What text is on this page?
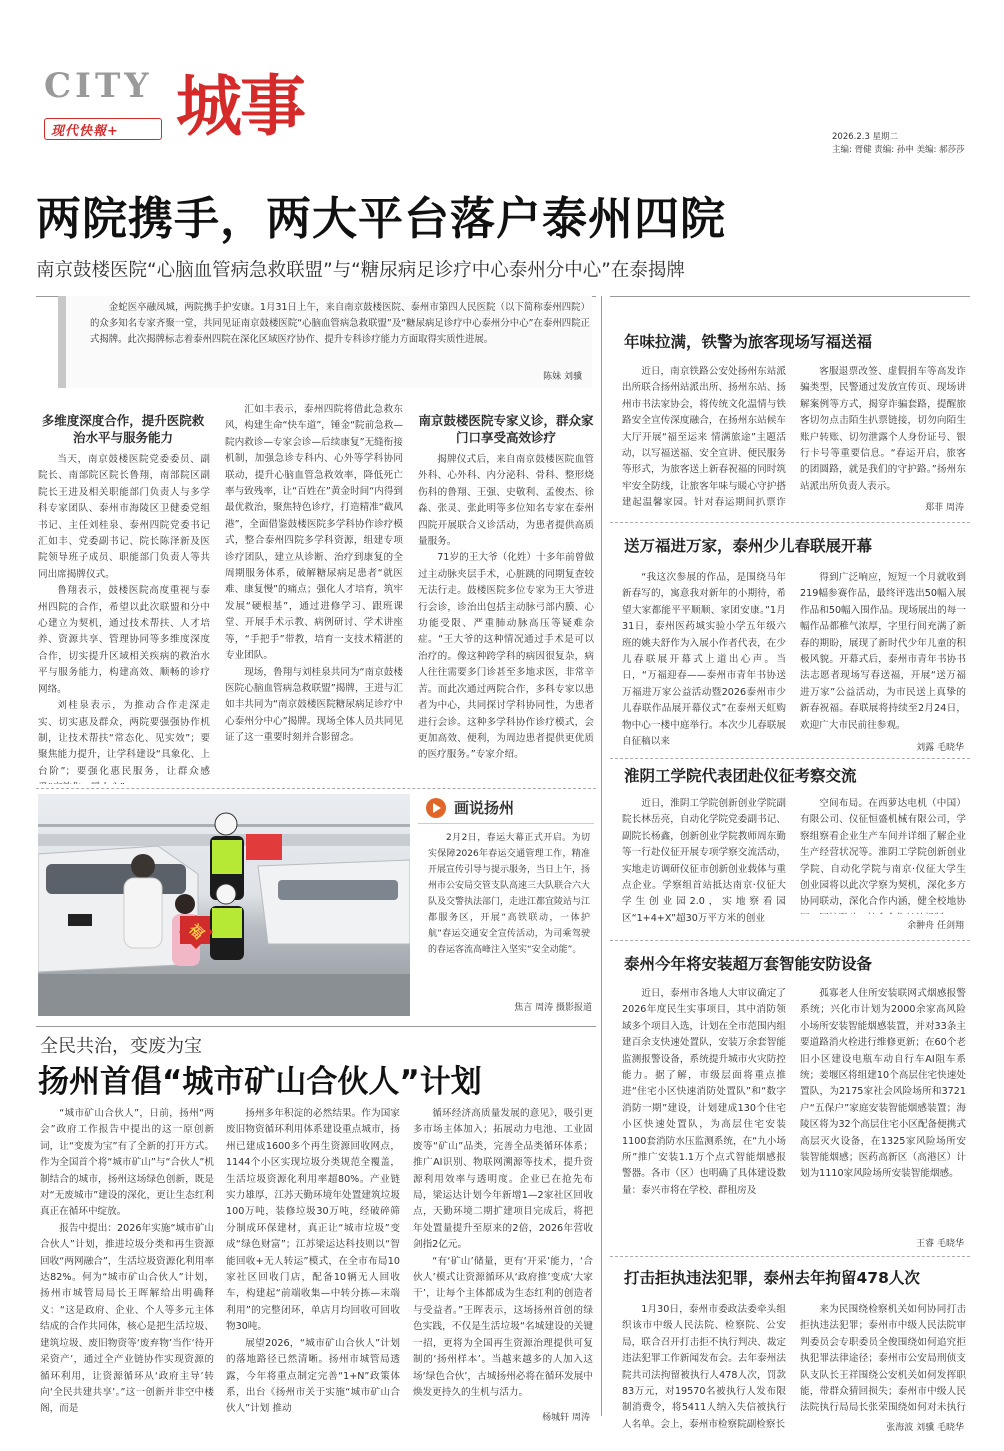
CITY
现代快報+ 城事	2026.2.3 星期二
主编: 胥健 责编: 孙申 美编: 郝莎莎
两院携手，两大平台落户泰州四院
南京鼓楼医院“心脑血管病急救联盟”与“糖尿病足诊疗中心泰州分中心”在泰揭牌
金蛇医卒融凤城，两院携手护安康。1月31日上午，来自南京鼓楼医院、泰州市第四人民医院（以下简称泰州四院）的众多知名专家齐聚一堂，共同见证南京鼓楼医院“心脑血管病急救联盟”及“糖尿病足诊疗中心泰州分中心”在泰州四院正式揭牌。此次揭牌标志着泰州四院在深化区域医疗协作、提升专科诊疗能力方面取得实质性进展。
陈妹 刘骥
多维度深度合作，提升医院救治水平与服务能力

当天，南京鼓楼医院党委委员、副院长、南部院区院长鲁翔，南部院区副院长王进及相关职能部门负责人与多学科专家团队、泰州市海陵区卫健委党组书记、主任刘桂泉、泰州四院党委书记汇如丰、党委副书记、院长陈泽新及医院领导班子成员、职能部门负责人等共同出席揭牌仪式。

鲁翔表示，鼓楼医院高度重视与泰州四院的合作，希望以此次联盟和分中心建立为契机，通过技术帮扶、人才培养、资源共享、管理协同等多维度深度合作，切实提升区域相关疾病的救治水平与服务能力，构建高效、顺畅的诊疗网络。

刘桂泉表示，为推动合作走深走实、切实惠及群众，两院要强强协作机制，让技术帮扶“常态化、见实效”；要聚焦能力提升，让学科建设“具象化、上台阶”；要强化惠民服务，让群众感

汇如丰表示，泰州四院将借此急救东风，构建生命“快车道”，锤金“院前急救—院内救诊—专家会诊—后续康复”无缝衔接机制，加强急诊专科内、心外等学科协同联动，提升心脑血管急救效率，降低死亡率与致残率，让“百姓在”黄金时间“内得到最优救治，聚焦特色诊疗，打造精准“截风港”，全面借鉴鼓楼医院多学科协作诊疗模式，整合泰州四院多学科资源，组建专项诊疗团队，建立从诊断、治疗到康复的全周期服务体系，破解糖尿病足患者“就医难、康复慢”的痛点；强化人才培育，筑牢发展“硬根基”，通过进修学习、跟班课堂、开展手术示教、病例研讨、学术讲座等，“手把手”带教，培育一支技术精湛的专业团队。

现场，鲁翔与刘桂泉共同为“南京鼓楼医院心脑血管病急救联盟”揭牌，王进与汇如丰共同为“南京鼓楼医院糖尿病足诊疗中心泰州分中心”揭牌。现场全体人员共同见证了这一重要时刻并合影留念。

南京鼓楼医院专家义诊，群众家门口享受高效诊疗

揭牌仪式后，来自南京鼓楼医院血管外科、心外科、内分泌科、骨科、整形烧伤科的鲁翔、王强、史敬利、孟俊杰、徐淼、张灵、张此明等多位知名专家在泰州四院开展联合义诊活动，为患者提供高质量服务。

71岁的王大爷（化姓）十多年前曾做过主动脉夹层手术，心脏跳的同期复查较无法行走。鼓楼医院多位专家为王大爷进行会诊，诊治出包括主动脉弓部内膜、心功能受限、严重肺动脉高压等疑难杂症。“王大爷的这种情况通过手术是可以治疗的。像这种跨学科的病因很复杂，病人往往需要多门诊甚至多地求医，非常辛苦。而此次通过两院合作，多科专家以患者为中心，共同探讨学科协同性，为患者进行会诊。这种多学科协作诊疗模式，会更加高效、便利，为周边患者提供更优质的医疗服务。”专家介绍。

福
画说扬州
2月2日，春运大幕正式开启。为切实保障2026年春运交通管理工作，精准开展宣传引导与提示服务，当日上午，扬州市公安局交管支队高速三大队联合六大队及交警执法部门，走进江都宜陵站与江都服务区，开展“高铁联动，一体护航”春运交通安全宣传活动，为司乘驾驶的春运客流高峰注入坚实“安全动能”。
焦言 周涛 摄影报道
全民共治，变废为宝
扬州首倡“城市矿山合伙人”计划

“城市矿山合伙人”，日前，扬州“两会”政府工作报告中提出的这一原创新词，让“变废为宝”有了全新的打开方式。作为全国首个将“城市矿山”与“合伙人”机制结合的城市，扬州这场绿色创新，既是对“无废城市”建设的深化，更让生态红利真正在循环中绽放。

报告中提出：2026年实施“城市矿山合伙人”计划，推进垃圾分类和再生资源回收“两网融合”，生活垃圾资源化利用率达82%。何为“城市矿山合伙人”计划，扬州市城管局局长王晖解给出明确释义：“这是政府、企业、个人等多元主体结成的合作共同体，核心是把生活垃圾、建筑垃圾、废旧物资等‘废弃物’当作‘待开采资产’，通过全产业链协作实现资源的循环利用，让资源循环从‘政府主导’转向‘全民共建共享’。”这一创新并非空中楼阁，而是

扬州多年积淀的必然结果。作为国家废旧物资循环利用体系建设重点城市，扬州已建成1600多个再生资源回收网点，1144个小区实现垃圾分类规范全覆盖，生活垃圾资源化利用率超80%。产业链实力雄厚，江苏天勤环境年处置建筑垃圾100万吨，装修垃圾30万吨，经破碎筛分制成环保建材，真正让“城市垃圾”变成“绿色财富”；江苏梁运达科技则以“智能回收+无人转运”模式，在全市布局10家社区回收门店，配备10辆无人回收车，构建起“前端收集—中转分拣—末端利用”的完整闭环，单店月均回收可回收物30吨。

展望2026，“城市矿山合伙人”计划的落地路径已然清晰。扬州市城管局透露，今年将重点制定完善“1+N”政策体系，出台《扬州市关于实施“城市矿山合伙人”计划 推动

循环经济高质量发展的意见》，吸引更多市场主体加入；拓展动力电池、工业固废等“矿山”品类，完善全品类循环体系；推广AI识别、物联网溯源等技术，提升资源利用效率与透明度。企业已在抢先布局，梁运达计划今年新增1—2家社区回收点，天勤环境二期扩建项目完成后，将把年处置量提升至原来的2倍，2026年营收剑指2亿元。

“有‘矿山’储量，更有‘开采’能力，‘合伙人’模式让资源循环从‘政府推’变成‘大家干’，让每个主体都成为生态红利的创造者与受益者。”王晖表示，这场扬州首创的绿色实践，不仅是生活垃圾“名城建设的关键一招，更将为全国再生资源治理提供可复制的‘扬州样本’。当越来越多的人加入这场‘绿色合伙’，古城扬州必将在循环发展中焕发更持久的生机与活力。

杨城轩 周涛
年味拉满，铁警为旅客现场写福送福
近日，南京铁路公安处扬州东站派出所联合扬州站派出所、扬州东站、扬州市书法家协会，将传统文化温情与铁路安全宣传深度融合，在扬州东站候车大厅开展“福至运来 情满旅途”主题活动，以写福送福、安全宣讲、便民服务等形式，为旅客送上新春祝福的同时筑牢安全防线，让旅客年味与暖心守护搭建起温馨家园。针对春运期间扒票诈
客服退票改签、虚假捐车等高发诈骗类型，民警通过发放宣传页、现场讲解案例等方式，揭穿诈骗套路，提醒旅客切勿点击陌生扒票链接，切勿向陌生账户转账、切勿泄露个人身份证号、银行卡号等重要信息。“春运开启，旅客的团圆路，就是我们的守护路。”扬州东站派出所负责人表示。
郑菲 周涛
送万福进万家，泰州少儿春联展开幕
“我这次参展的作品，是围绕马年新春写的，寓意我对新年的小期待，希望大家都能平平顺顺、家团安康。”1月31日，泰州医药城实验小学五年级六班的姚夫舒作为入展小作者代表，在少儿春联展开幕式上道出心声。当日，“万福迎春——泰州市青年书协送万福进万家公益活动暨2026泰州市少儿春联作品展开幕仪式”在泰州天虹购物中心一楼中庭举行。本次少儿春联展自征稿以来
得到广泛响应，短短一个月就收到219幅参赛作品，最终评选出50幅入展作品和50幅入围作品。现场展出的每一幅作品都稚气浓厚，字里行间充满了新春的期盼，展现了新时代少年儿童的积极风貌。开幕式后，泰州市青年书协书法志愿者现场写春送福，开展“送万福进万家”公益活动，为市民送上真挚的新春祝福。春联展将持续至2月24日，欢迎广大市民前往参观。
刘露 毛晓华
淮阴工学院代表团赴仪征考察交流
近日，淮阴工学院创新创业学院副院长林岳亮，自动化学院党委副书记、副院长杨鑫，创新创业学院教师周东勤等一行赴仪征开展专项学察交流活动，实地走访调研仪征市创新创业载体与重点企业。学察组首站抵达南京·仪征大学生创业园2.0，实地察看园区“1+4+X”超30万平方米的创业
空间布局。在西萝达电机（中国）有限公司、仪征恒盛机械有限公司，学察组察看企业生产车间并详细了解企业生产经营状况等。淮阴工学院创新创业学院、自动化学院与南京·仪征大学生创业园将以此次学察为契机，深化多方协同联动，深化合作内涵，健全校地协
余翀舟 任剑翔
泰州今年将安装超万套智能安防设备
近日，泰州市各地人大审议确定了2026年度民生实事项目，其中消防领域多个项目入选，计划在全市范围内组建百余支快速处置队，安装万余套智能监测报警设备，系统提升城市火灾防控能力。据了解，市级层面将重点推进“住宅小区快速消防处置队”和“数字消防一期”建设，计划建成130个住宅小区快速处置队，为高层住宅安装1100套消防水压监测系统，在“九小场所”推广安装1.1万个点式智能烟感报警器。各市（区）也明确了具体建设数量：泰兴市将在学校、群租房及
孤寡老人住所安装联网式烟感报警系统；兴化市计划为2000余家高风险小场所安装智能烟感装置，并对33条主要道路消火栓进行维修更新；在60个老旧小区建设电瓶车动自行车AI阻车系统；姜堰区将组建10个高层住宅快速处置队，为2175家社会风险场所和3721户“五保户”家庭安装智能烟感装置；海陵区将为32个高层住宅小区配备便携式高层灭火设备，在1325家风险场所安装智能烟感；医药高新区（高港区）计划为1110家风险场所安装智能烟感。
王睿 毛晓华
打击拒执违法犯罪，泰州去年拘留478人次
1月30日，泰州市委政法委牵头组织该市中级人民法院、检察院、公安局，联合召开打击拒不执行判决、裁定违法犯罪工作新闻发布会。去年泰州法院共司法拘留被执行人478人次，罚款83万元，对19570名被执行人发布限制消费令，将5411人纳入失信被执行人名单。会上，泰州市检察院副检察长
来为民围绕检察机关如何协同打击拒执违法犯罪；泰州市中级人民法院审判委员会专职委员全俊围绕如何追究拒执犯罪法律途径；泰州市公安局刑侦支队支队长王祥围绕公安机关如何发挥职能，带群众猜回损失；泰州市中级人民法院执行局局长张荣围绕如何对未执行
张海波 刘骥 毛晓华
